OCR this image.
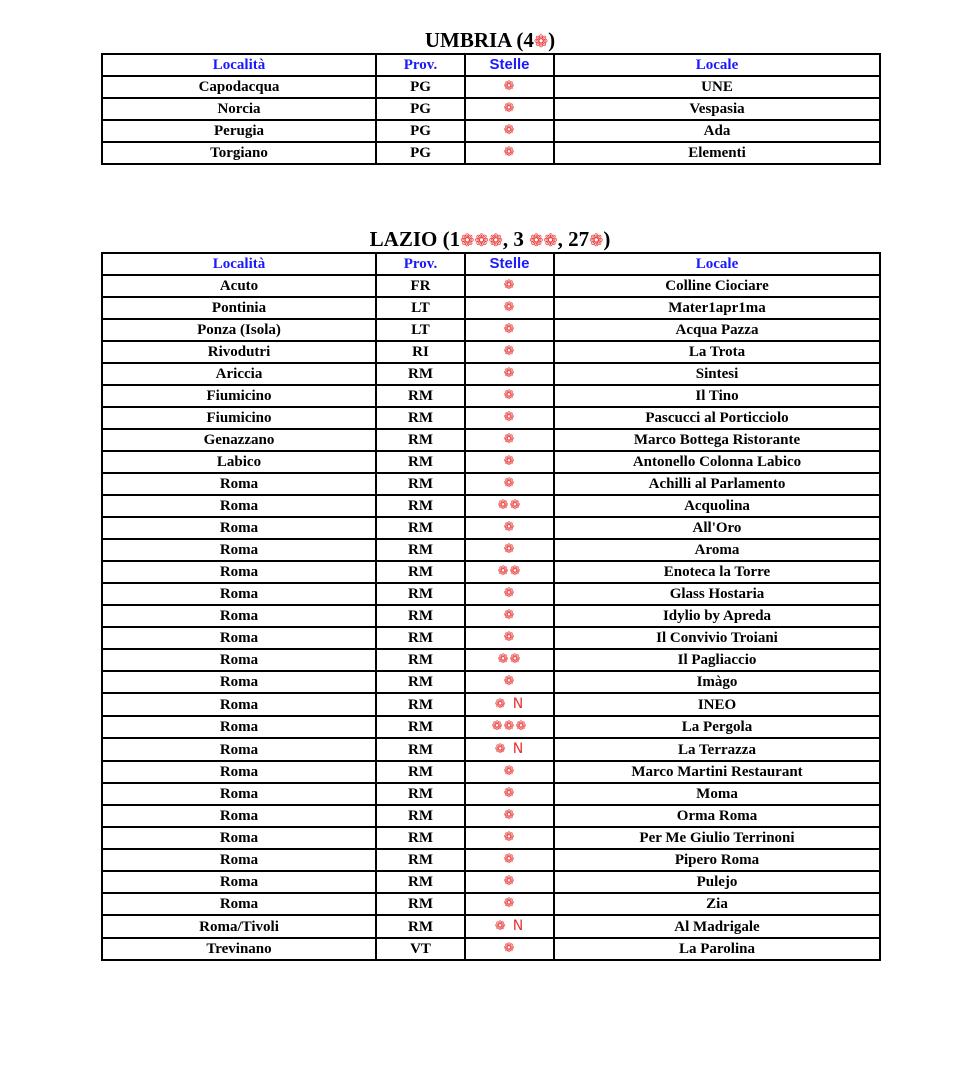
UMBRIA (4❁)
Località	Prov.	Stelle	Locale
Capodacqua	PG	❁	UNE
Norcia	PG	❁	Vespasia
Perugia	PG	❁	Ada
Torgiano	PG	❁	Elementi
LAZIO (1❁❁❁, 3 ❁❁, 27❁)
Località	Prov.	Stelle	Locale
Acuto	FR	❁	Colline Ciociare
Pontinia	LT	❁	Mater1apr1ma
Ponza (Isola)	LT	❁	Acqua Pazza
Rivodutri	RI	❁	La Trota
Ariccia	RM	❁	Sintesi
Fiumicino	RM	❁	Il Tino
Fiumicino	RM	❁	Pascucci al Porticciolo
Genazzano	RM	❁	Marco Bottega Ristorante
Labico	RM	❁	Antonello Colonna Labico
Roma	RM	❁	Achilli al Parlamento
Roma	RM	❁❁	Acquolina
Roma	RM	❁	All'Oro
Roma	RM	❁	Aroma
Roma	RM	❁❁	Enoteca la Torre
Roma	RM	❁	Glass Hostaria
Roma	RM	❁	Idylio by Apreda
Roma	RM	❁	Il Convivio Troiani
Roma	RM	❁❁	Il Pagliaccio
Roma	RM	❁	Imàgo
Roma	RM	❁ N	INEO
Roma	RM	❁❁❁	La Pergola
Roma	RM	❁ N	La Terrazza
Roma	RM	❁	Marco Martini Restaurant
Roma	RM	❁	Moma
Roma	RM	❁	Orma Roma
Roma	RM	❁	Per Me Giulio Terrinoni
Roma	RM	❁	Pipero Roma
Roma	RM	❁	Pulejo
Roma	RM	❁	Zia
Roma/Tivoli	RM	❁ N	Al Madrigale
Trevinano	VT	❁	La Parolina
